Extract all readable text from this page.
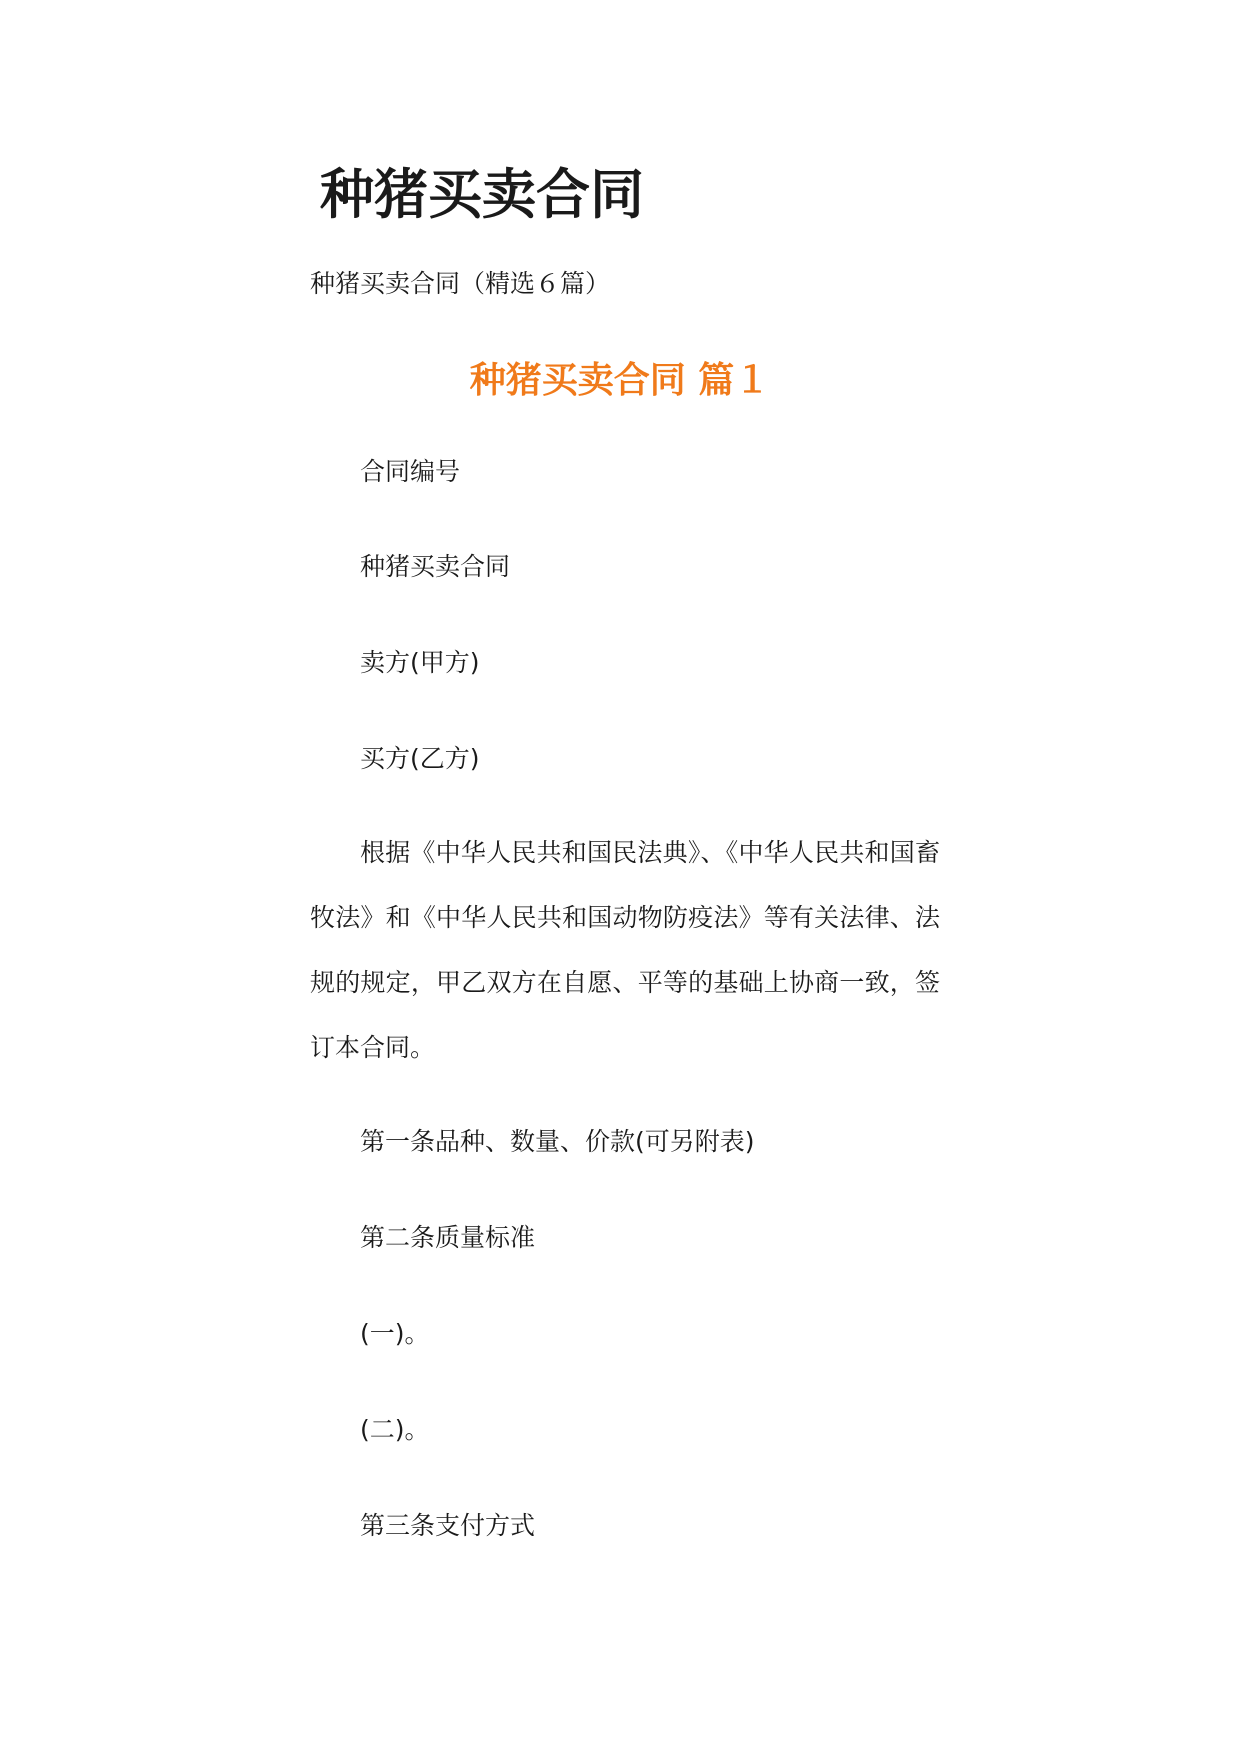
种猪买卖合同

种猪买卖合同（精选６篇）

种猪买卖合同 篇１

合同编号

种猪买卖合同

卖方(甲方)

买方(乙方)

根据《中华人民共和国民法典》、《中华人民共和国畜牧法》和《中华人民共和国动物防疫法》等有关法律、法规的规定，甲乙双方在自愿、平等的基础上协商一致，签订本合同。

第一条品种、数量、价款(可另附表)

第二条质量标准

(一)。

(二)。

第三条支付方式
